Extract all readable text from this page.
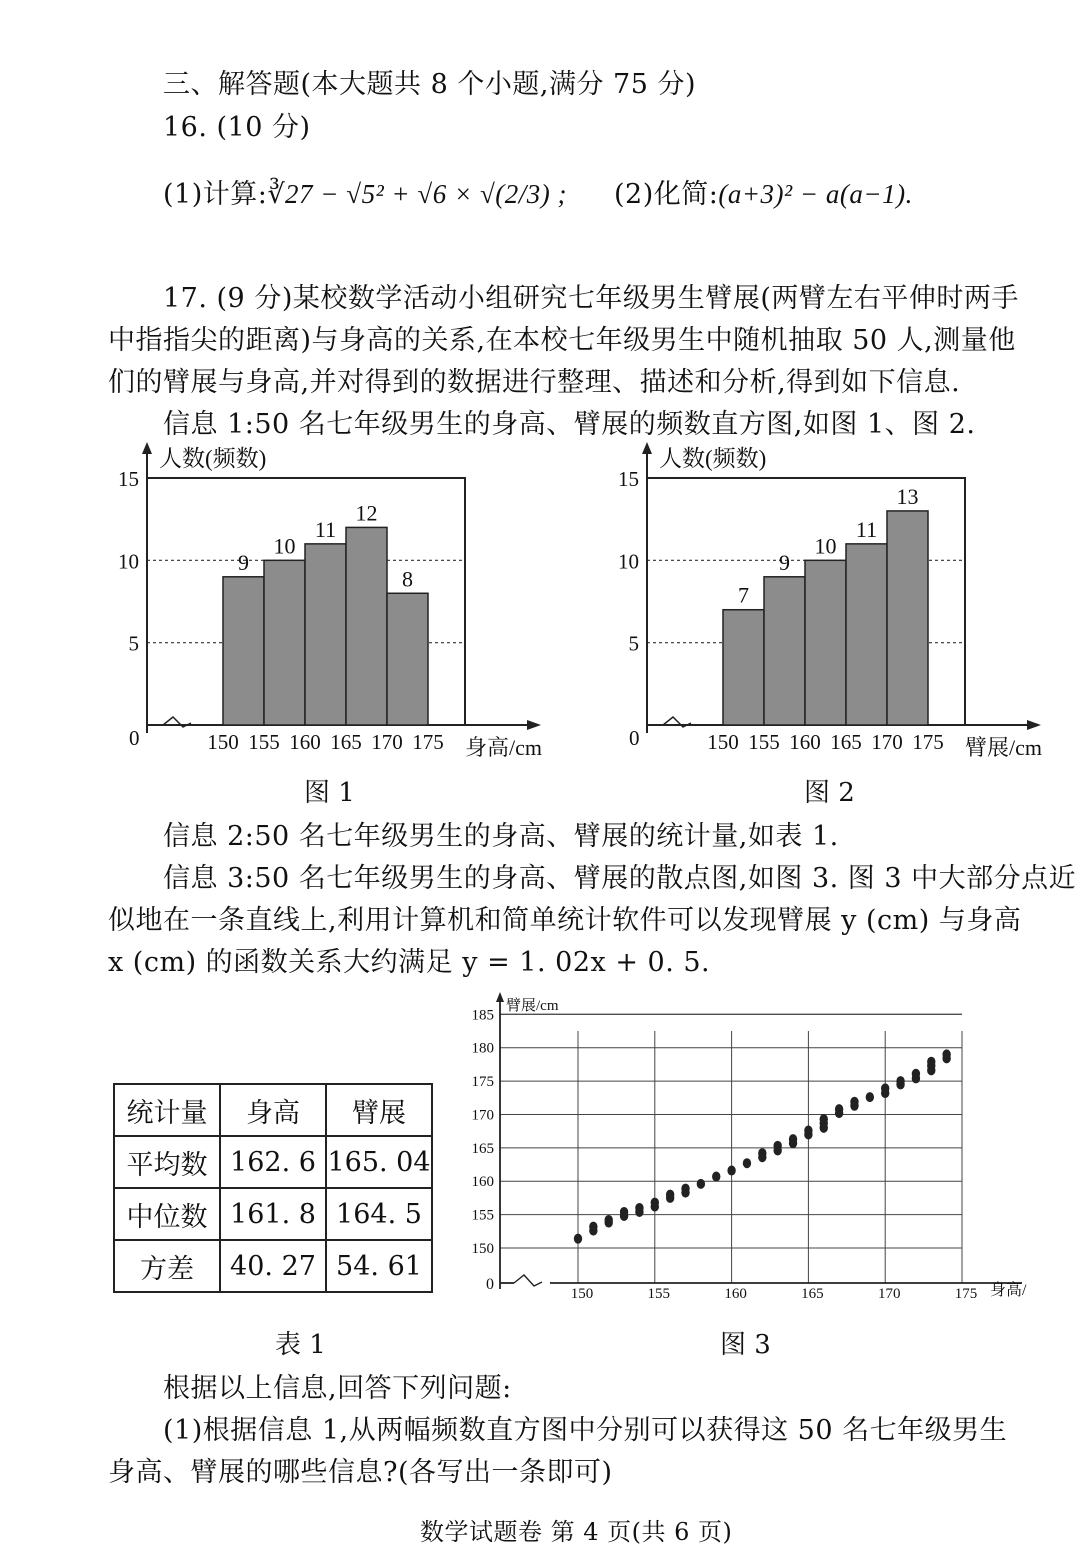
三、解答题(本大题共 8 个小题,满分 75 分)
16. (10 分)
(1)计算:∛27 − √5² + √6 × √(2/3) ; (2)化简:(a+3)² − a(a−1).
17. (9 分)某校数学活动小组研究七年级男生臂展(两臂左右平伸时两手
中指指尖的距离)与身高的关系,在本校七年级男生中随机抽取 50 人,测量他
们的臂展与身高,并对得到的数据进行整理、描述和分析,得到如下信息.
信息 1:50 名七年级男生的身高、臂展的频数直方图,如图 1、图 2.
人数(频数)
身高/cm
0
5
10
15
150 155 160 165 170 175
9
10
11
12
8
图 1
人数(频数)
臂展/cm
0
5
10
15
150 155 160 165 170 175
7
9
10
11
13
图 2
信息 2:50 名七年级男生的身高、臂展的统计量,如表 1.
信息 3:50 名七年级男生的身高、臂展的散点图,如图 3. 图 3 中大部分点近
似地在一条直线上,利用计算机和简单统计软件可以发现臂展 y (cm) 与身高
x (cm) 的函数关系大约满足 y = 1. 02x + 0. 5.
统计量	身高	臂展
平均数	162. 6	165. 04
中位数	161. 8	164. 5
方差	40. 27	54. 61
表 1
臂展/cm
身高/
0
150
155
160
165
170
175
180
185
150	155	160	165	170	175
图 3
根据以上信息,回答下列问题:
(1)根据信息 1,从两幅频数直方图中分别可以获得这 50 名七年级男生
身高、臂展的哪些信息?(各写出一条即可)
数学试题卷 第 4 页(共 6 页)
